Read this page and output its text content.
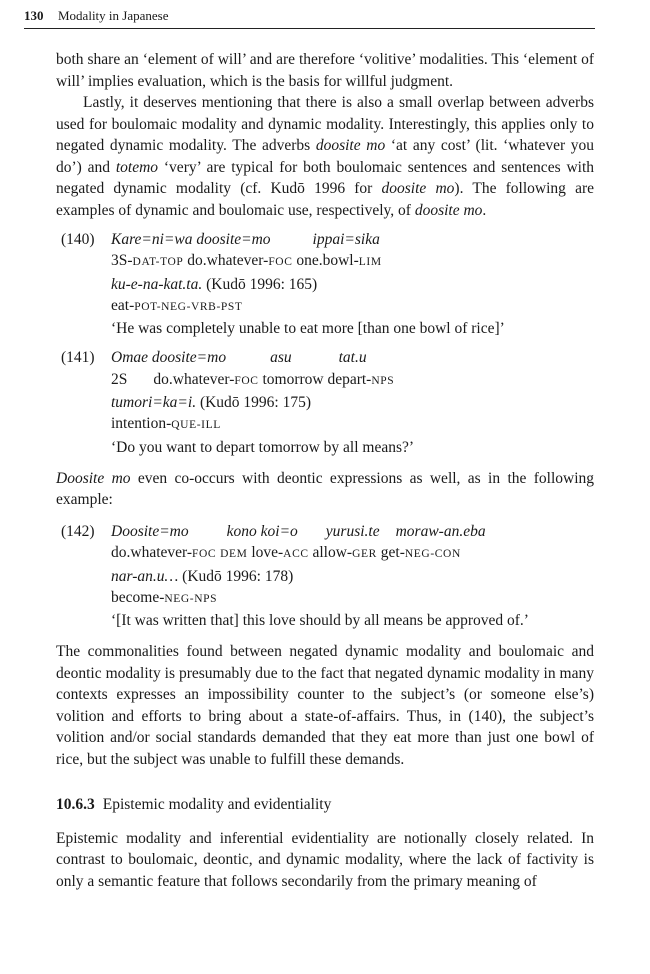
130 Modality in Japanese

both share an ‘element of will’ and are therefore ‘volitive’ modalities. This ‘element of will’ implies evaluation, which is the basis for willful judgment.

Lastly, it deserves mentioning that there is also a small overlap between adverbs used for boulomaic modality and dynamic modality. Interestingly, this applies only to negated dynamic modality. The adverbs doosite mo ‘at any cost’ (lit. ‘whatever you do’) and totemo ‘very’ are typical for both boulomaic sentences and sentences with negated dynamic modality (cf. Kudō 1996 for doosite mo). The following are examples of dynamic and boulomaic use, respectively, of doosite mo.

(140)	Kare=ni=wa doosite=mo	ippai=sika
3S-DAT-TOP do.whatever-FOC one.bowl-LIM
ku-e-na-kat.ta. (Kudō 1996: 165)
eat-POT-NEG-VRB-PST
‘He was completely unable to eat more [than one bowl of rice]’
(141)	Omae doosite=mo	asu	tat.u
2S do.whatever-FOC tomorrow depart-NPS
tumori=ka=i. (Kudō 1996: 175)
intention-QUE-ILL
‘Do you want to depart tomorrow by all means?’

Doosite mo even co-occurs with deontic expressions as well, as in the following example:

(142)	Doosite=mo kono koi=o yurusi.te moraw-an.eba
do.whatever-FOC DEM love-ACC allow-GER get-NEG-CON
nar-an.u… (Kudō 1996: 178)
become-NEG-NPS
‘[It was written that] this love should by all means be approved of.’

The commonalities found between negated dynamic modality and boulomaic and deontic modality is presumably due to the fact that negated dynamic modality in many contexts expresses an impossibility counter to the subject’s (or someone else’s) volition and efforts to bring about a state-of-affairs. Thus, in (140), the subject’s volition and/or social standards demanded that they eat more than just one bowl of rice, but the subject was unable to fulfill these demands.

10.6.3 Epistemic modality and evidentiality

Epistemic modality and inferential evidentiality are notionally closely related. In contrast to boulomaic, deontic, and dynamic modality, where the lack of factivity is only a semantic feature that follows secondarily from the primary meaning of
